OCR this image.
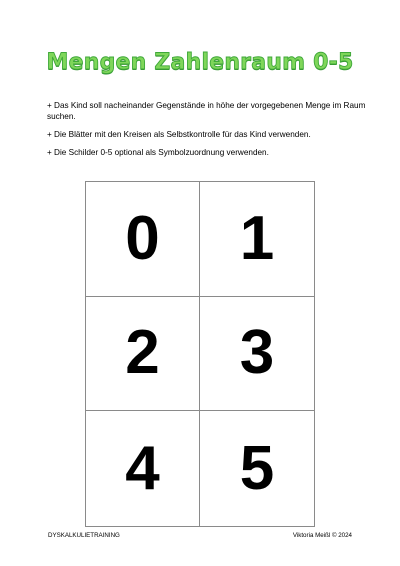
Mengen Zahlenraum 0-5

+ Das Kind soll nacheinander Gegenstände in höhe der vorgegebenen Menge im Raum suchen.

+ Die Blätter mit den Kreisen als Selbstkontrolle für das Kind verwenden.

+ Die Schilder 0-5 optional als Symbolzuordnung verwenden.

0 1
2 3
4 5
DYSKALKULIETRAINING	Viktoria Meißl © 2024
